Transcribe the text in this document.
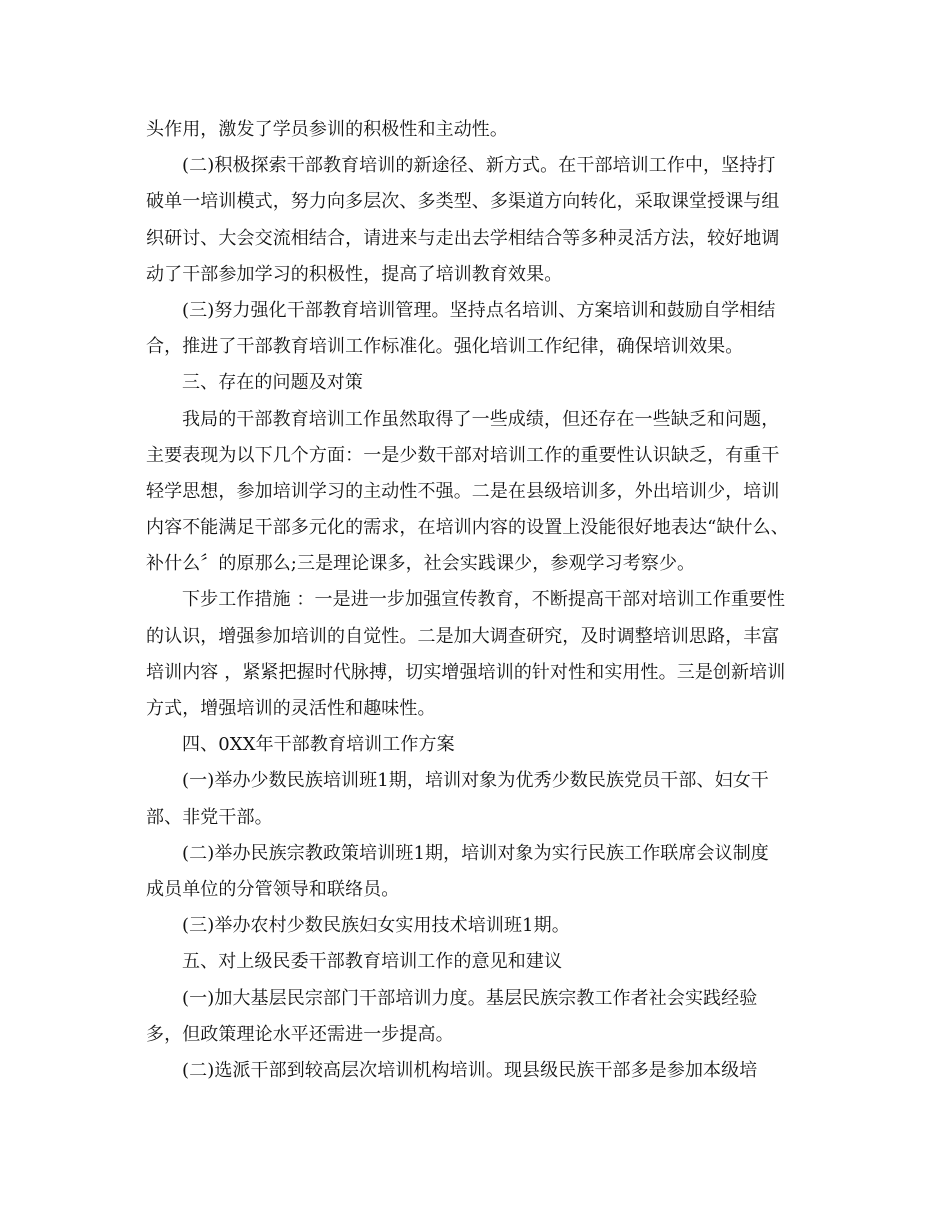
头作用，激发了学员参训的积极性和主动性。
(二)积极探索干部教育培训的新途径、新方式。在干部培训工作中，坚持打
破单一培训模式，努力向多层次、多类型、多渠道方向转化，采取课堂授课与组
织研讨、大会交流相结合，请进来与走出去学相结合等多种灵活方法，较好地调
动了干部参加学习的积极性，提高了培训教育效果。
(三)努力强化干部教育培训管理。坚持点名培训、方案培训和鼓励自学相结
合，推进了干部教育培训工作标准化。强化培训工作纪律，确保培训效果。
三、存在的问题及对策
我局的干部教育培训工作虽然取得了一些成绩，但还存在一些缺乏和问题，
主要表现为以下几个方面：一是少数干部对培训工作的重要性认识缺乏，有重干
轻学思想，参加培训学习的主动性不强。二是在县级培训多，外出培训少，培训
内容不能满足干部多元化的需求，在培训内容的设置上没能很好地表达“缺什么、
补什么〞的原那么;三是理论课多，社会实践课少，参观学习考察少。
下步工作措施 ：一是进一步加强宣传教育，不断提高干部对培训工作重要性
的认识，增强参加培训的自觉性。二是加大调查研究，及时调整培训思路，丰富
培训内容 ，紧紧把握时代脉搏，切实增强培训的针对性和实用性。三是创新培训
方式，增强培训的灵活性和趣味性。
四、0XX年干部教育培训工作方案
(一)举办少数民族培训班1期，培训对象为优秀少数民族党员干部、妇女干
部、非党干部。
(二)举办民族宗教政策培训班1期，培训对象为实行民族工作联席会议制度
成员单位的分管领导和联络员。
(三)举办农村少数民族妇女实用技术培训班1期。
五、对上级民委干部教育培训工作的意见和建议
(一)加大基层民宗部门干部培训力度。基层民族宗教工作者社会实践经验
多，但政策理论水平还需进一步提高。
(二)选派干部到较高层次培训机构培训。现县级民族干部多是参加本级培
